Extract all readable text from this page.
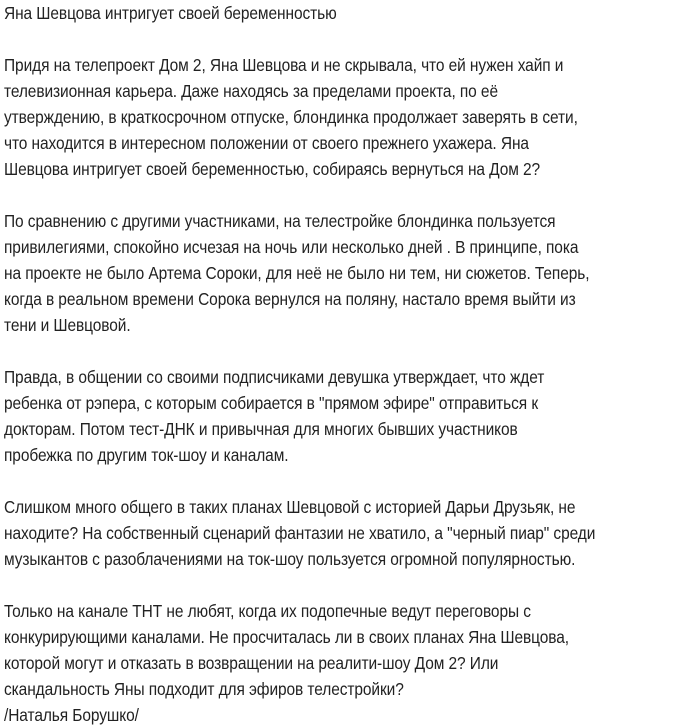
Яна Шевцова интригует своей беременностью

Придя на телепроект Дом 2, Яна Шевцова и не скрывала, что ей нужен хайп и
телевизионная карьера. Даже находясь за пределами проекта, по её
утверждению, в краткосрочном отпуске, блондинка продолжает заверять в сети,
что находится в интересном положении от своего прежнего ухажера. Яна
Шевцова интригует своей беременностью, собираясь вернуться на Дом 2?

По сравнению с другими участниками, на телестройке блондинка пользуется
привилегиями, спокойно исчезая на ночь или несколько дней . В принципе, пока
на проекте не было Артема Сороки, для неё не было ни тем, ни сюжетов. Теперь,
когда в реальном времени Сорока вернулся на поляну, настало время выйти из
тени и Шевцовой.

Правда, в общении со своими подписчиками девушка утверждает, что ждет
ребенка от рэпера, с которым собирается в "прямом эфире" отправиться к
докторам. Потом тест-ДНК и привычная для многих бывших участников
пробежка по другим ток-шоу и каналам.

Слишком много общего в таких планах Шевцовой с историей Дарьи Друзьяк, не
находите? На собственный сценарий фантазии не хватило, а "черный пиар" среди
музыкантов с разоблачениями на ток-шоу пользуется огромной популярностью.

Только на канале ТНТ не любят, когда их подопечные ведут переговоры с
конкурирующими каналами. Не просчиталась ли в своих планах Яна Шевцова,
которой могут и отказать в возвращении на реалити-шоу Дом 2? Или
скандальность Яны подходит для эфиров телестройки?
/Наталья Борушко/
